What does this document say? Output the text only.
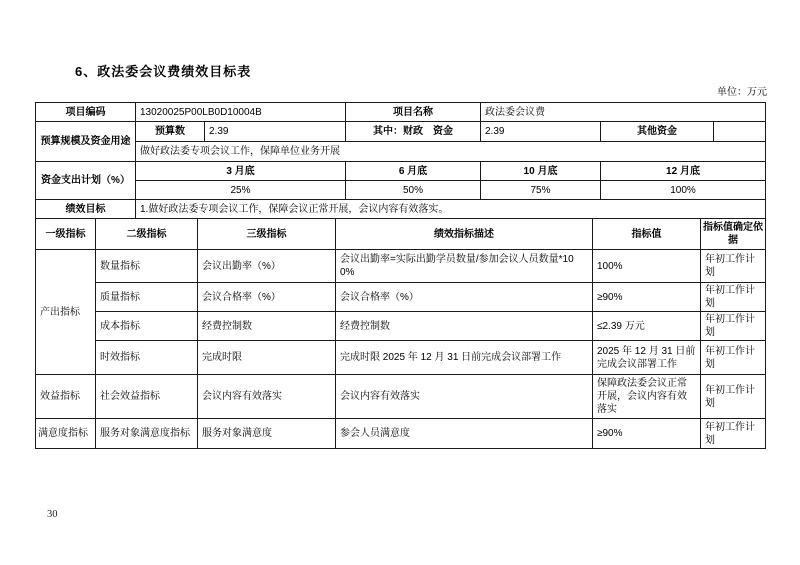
6、政法委会议费绩效目标表
单位：万元
项目编码	13020025P00LB0D10004B	项目名称	政法委会议费
预算规模及资金用途	预算数	2.39	其中：财政　资金	2.39	其他资金	
做好政法委专项会议工作，保障单位业务开展
资金支出计划（%）	3 月底	6 月底	10 月底	12 月底
	25%	50%	75%	100%
绩效目标	1.做好政法委专项会议工作，保障会议正常开展，会议内容有效落实。
一级指标	二级指标	三级指标	绩效指标描述	指标值	指标值确定依据
产出指标	数量指标	会议出勤率（%）	会议出勤率=实际出勤学员数量/参加会议人员数量*100%	100%	年初工作计划
	质量指标	会议合格率（%）	会议合格率（%）	≥90%	年初工作计划
	成本指标	经费控制数	经费控制数	≤2.39 万元	年初工作计划
	时效指标	完成时限	完成时限 2025 年 12 月 31 日前完成会议部署工作	2025 年 12 月 31 日前完成会议部署工作	年初工作计划
效益指标	社会效益指标	会议内容有效落实	会议内容有效落实	保障政法委会议正常开展，会议内容有效落实	年初工作计划
满意度指标	服务对象满意度指标	服务对象满意度	参会人员满意度	≥90%	年初工作计划
30
